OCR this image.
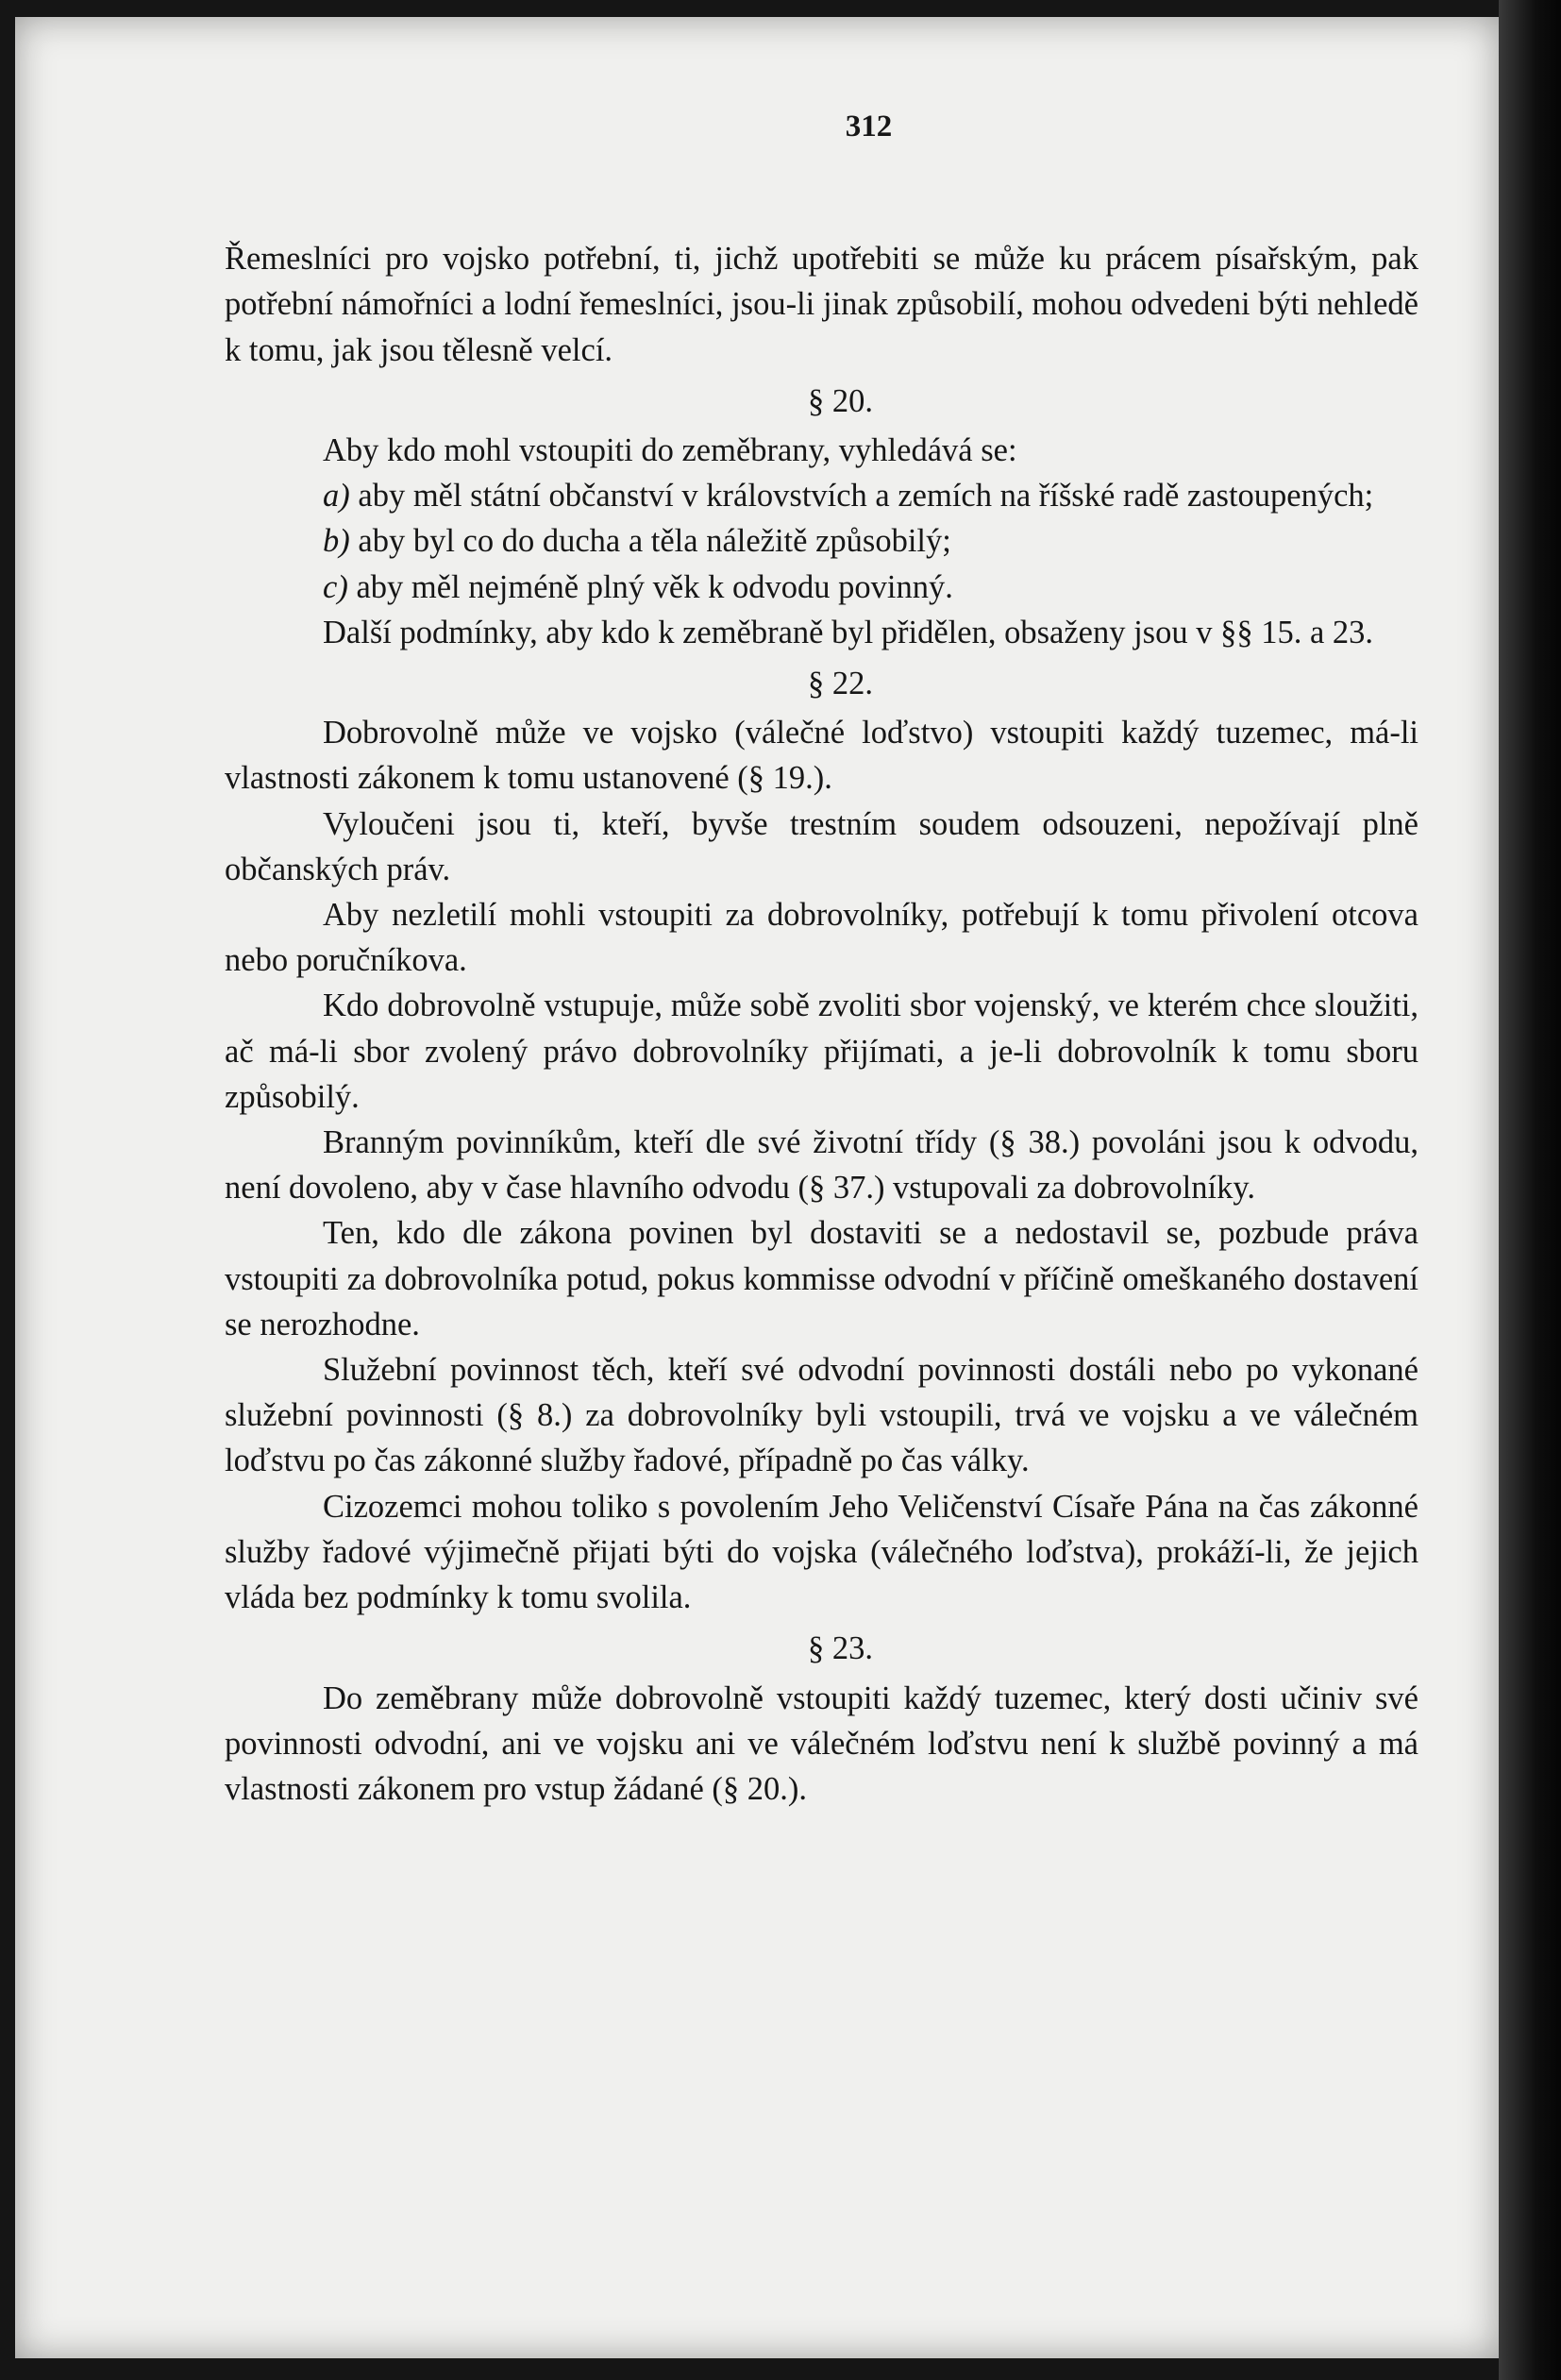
312

Řemeslníci pro vojsko potřební, ti, jichž upotřebiti se může ku prácem písařským, pak potřební námořníci a lodní řemeslníci, jsou-li jinak způsobilí, mohou odvedeni býti nehledě k tomu, jak jsou tělesně velcí.

§ 20.

Aby kdo mohl vstoupiti do zeměbrany, vyhledává se:

a) aby měl státní občanství v královstvích a zemích na říšské radě zastoupených;

b) aby byl co do ducha a těla náležitě způsobilý;

c) aby měl nejméně plný věk k odvodu povinný.

Další podmínky, aby kdo k zeměbraně byl přidělen, obsaženy jsou v §§ 15. a 23.

§ 22.

Dobrovolně může ve vojsko (válečné loďstvo) vstoupiti každý tuzemec, má-li vlastnosti zákonem k tomu ustanovené (§ 19.).

Vyloučeni jsou ti, kteří, byvše trestním soudem odsouzeni, nepožívají plně občanských práv.

Aby nezletilí mohli vstoupiti za dobrovolníky, potřebují k tomu přivolení otcova nebo poručníkova.

Kdo dobrovolně vstupuje, může sobě zvoliti sbor vojenský, ve kterém chce sloužiti, ač má-li sbor zvolený právo dobrovolníky přijímati, a je-li dobrovolník k tomu sboru způsobilý.

Branným povinníkům, kteří dle své životní třídy (§ 38.) povoláni jsou k odvodu, není dovoleno, aby v čase hlavního odvodu (§ 37.) vstupovali za dobrovolníky.

Ten, kdo dle zákona povinen byl dostaviti se a nedostavil se, pozbude práva vstoupiti za dobrovolníka potud, pokus kommisse odvodní v příčině omeškaného dostavení se nerozhodne.

Služební povinnost těch, kteří své odvodní povinnosti dostáli nebo po vykonané služební povinnosti (§ 8.) za dobrovolníky byli vstoupili, trvá ve vojsku a ve válečném loďstvu po čas zákonné služby řadové, případně po čas války.

Cizozemci mohou toliko s povolením Jeho Veličenství Císaře Pána na čas zákonné služby řadové výjimečně přijati býti do vojska (válečného loďstva), prokáží-li, že jejich vláda bez podmínky k tomu svolila.

§ 23.

Do zeměbrany může dobrovolně vstoupiti každý tuzemec, který dosti učiniv své povinnosti odvodní, ani ve vojsku ani ve válečném loďstvu není k službě povinný a má vlastnosti zákonem pro vstup žádané (§ 20.).
